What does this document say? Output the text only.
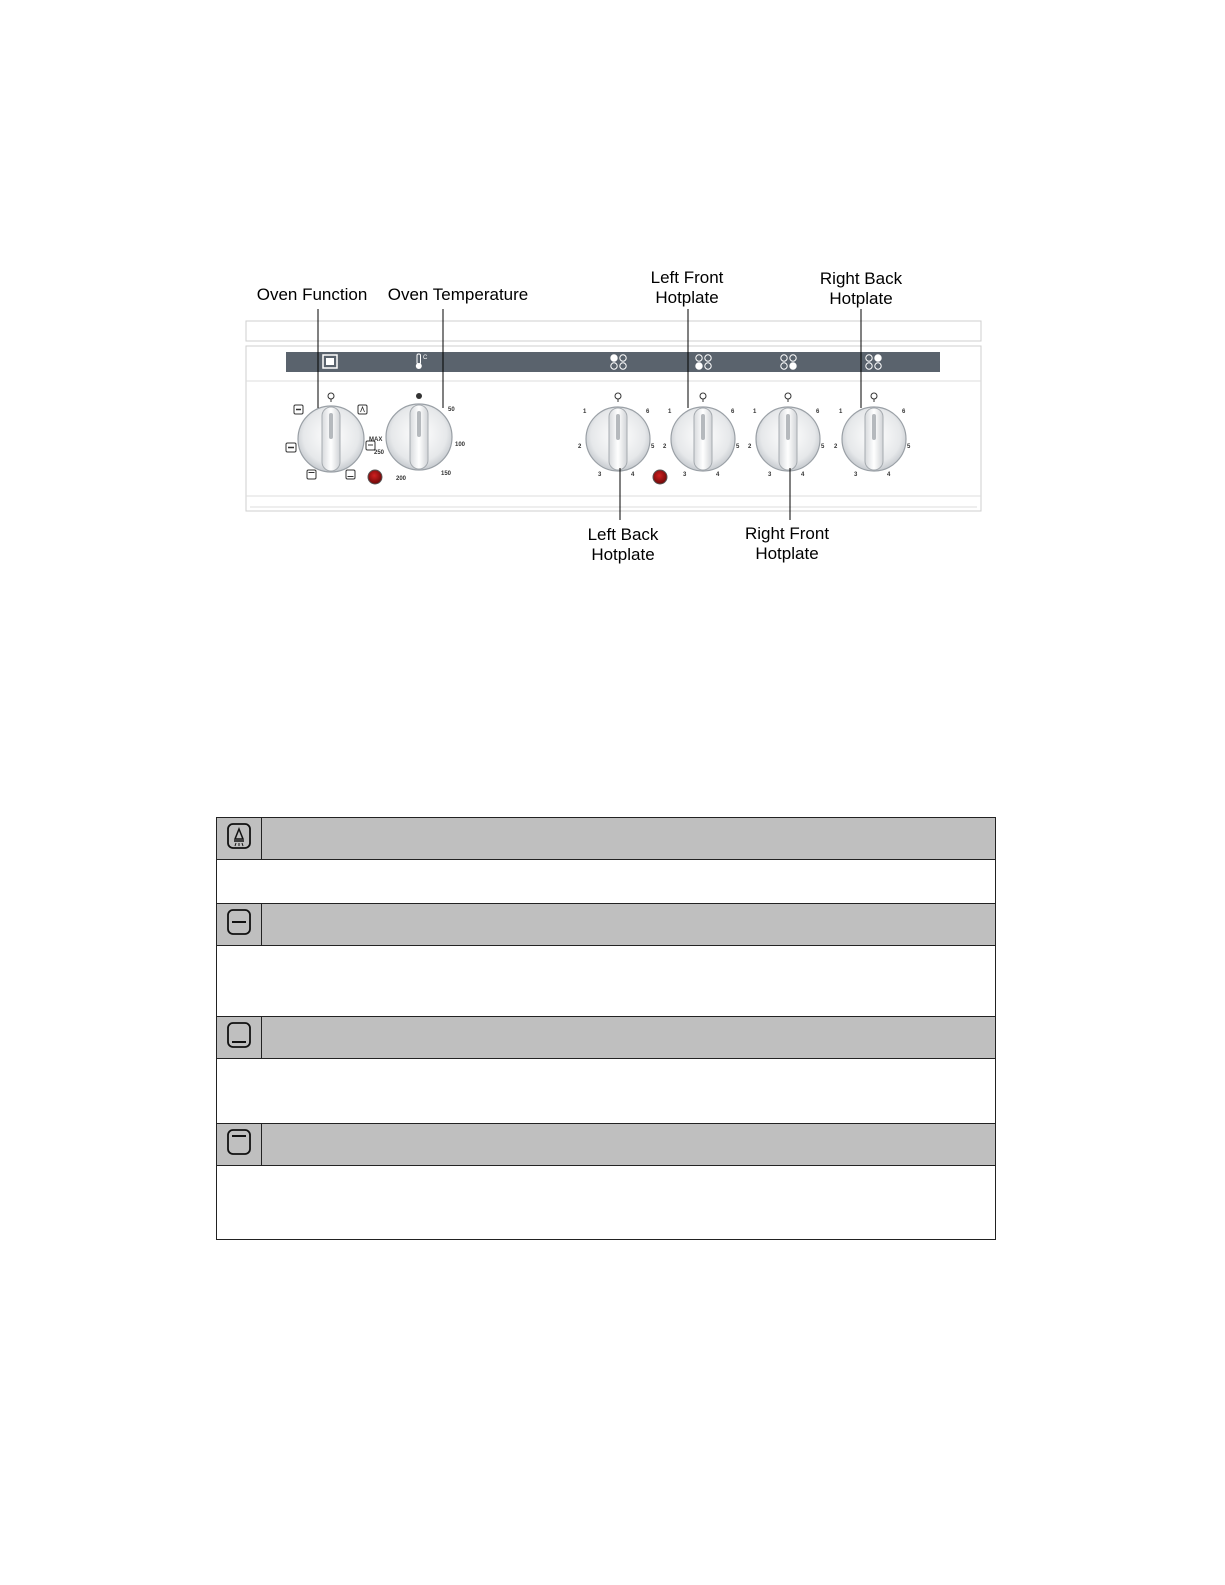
C
50
100
150
200
250
MAX
1
2
3	4
5
6	1
2
3	4
5
6	1
2
3	4
5
6	1
2
3	4
5
6
Oven Function Oven Temperature
Left Front
Hotplate
Right Back
Hotplate
Left Back
Hotplate
Right Front
Hotplate
